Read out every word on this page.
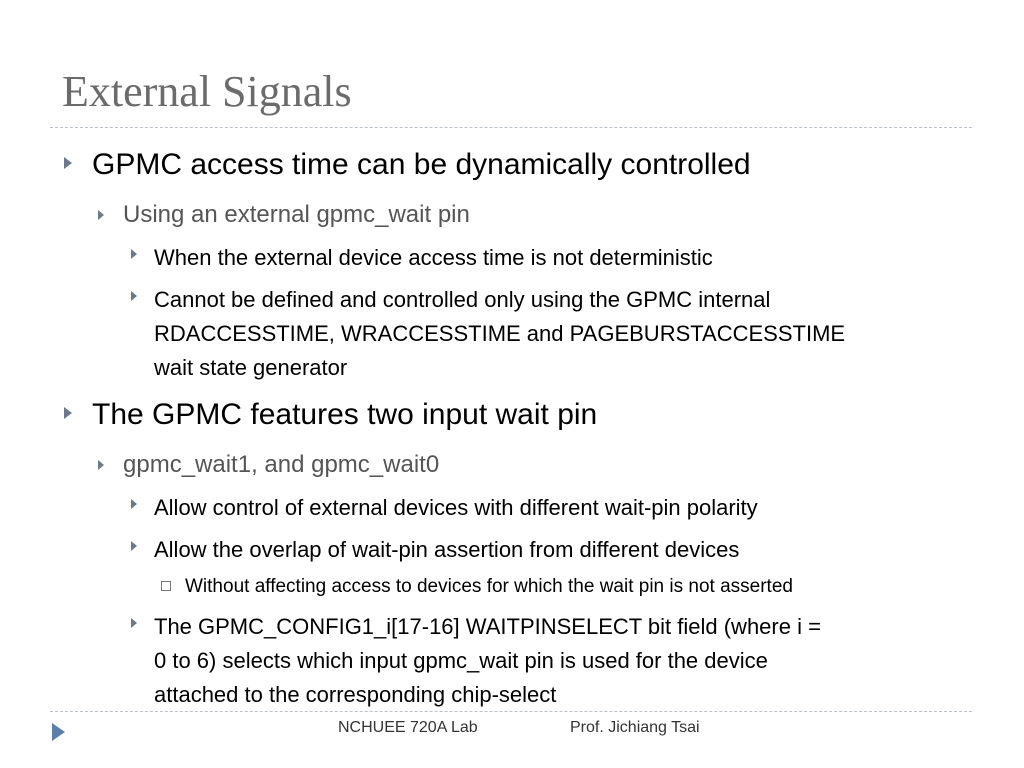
External Signals
GPMC access time can be dynamically controlled
Using an external gpmc_wait pin
When the external device access time is not deterministic
Cannot be defined and controlled only using the GPMC internal
RDACCESSTIME, WRACCESSTIME and PAGEBURSTACCESSTIME
wait state generator
The GPMC features two input wait pin
gpmc_wait1, and gpmc_wait0
Allow control of external devices with different wait-pin polarity
Allow the overlap of wait-pin assertion from different devices
Without affecting access to devices for which the wait pin is not asserted
The GPMC_CONFIG1_i[17-16] WAITPINSELECT bit field (where i =
0 to 6) selects which input gpmc_wait pin is used for the device
attached to the corresponding chip-select
NCHUEE 720A Lab	Prof. Jichiang Tsai
